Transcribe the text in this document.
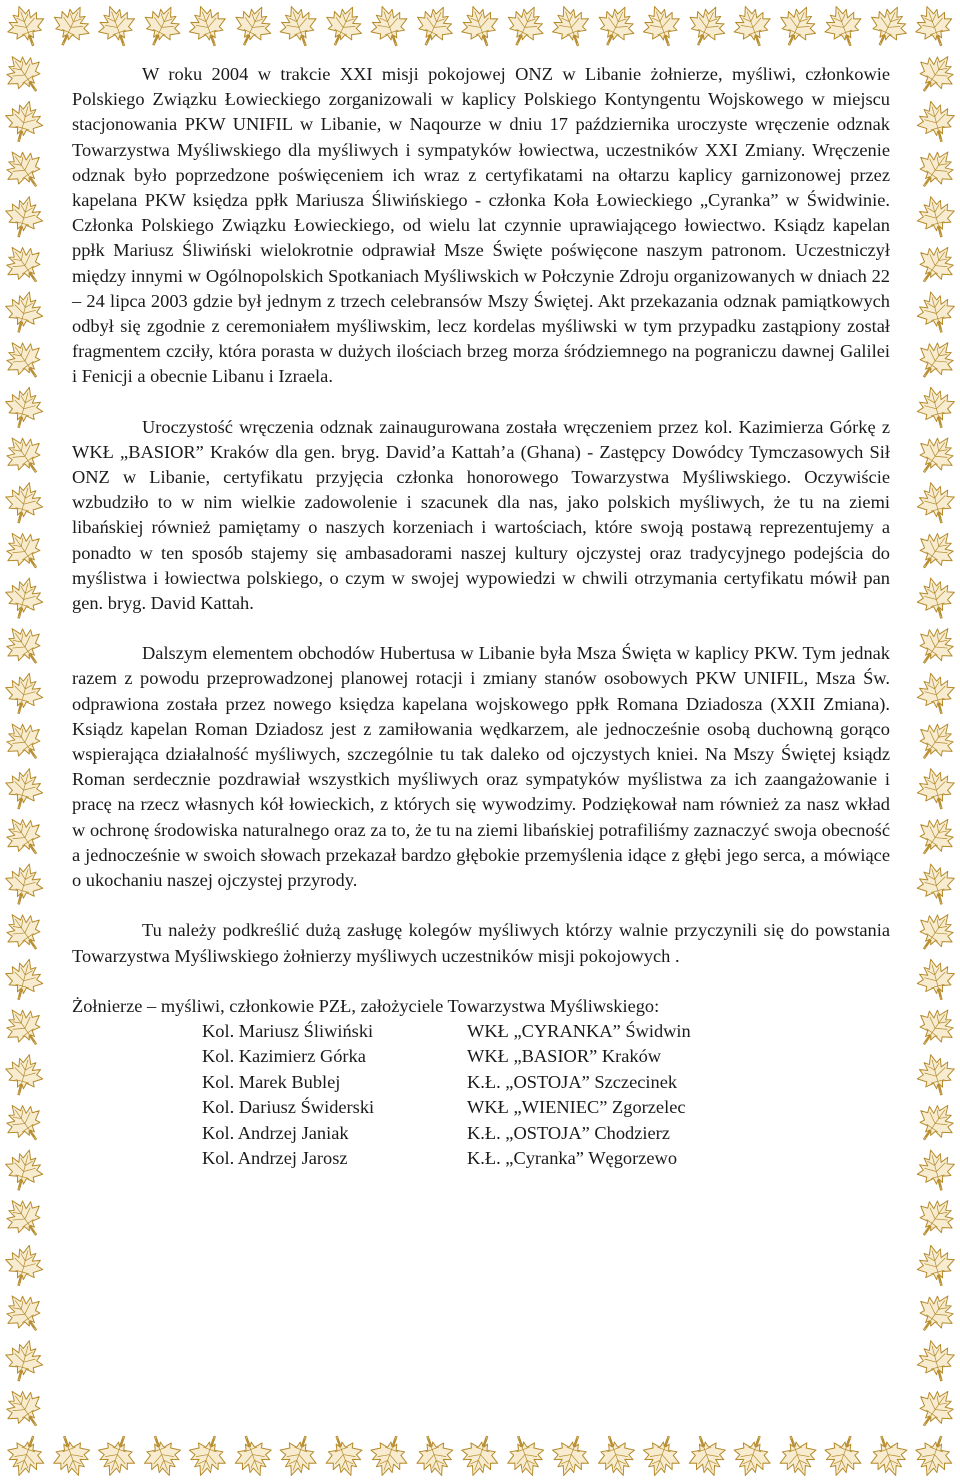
W roku 2004 w trakcie XXI misji pokojowej ONZ w Libanie żołnierze, myśliwi, członkowie Polskiego Związku Łowieckiego zorganizowali w kaplicy Polskiego Kontyngentu Wojskowego w miejscu stacjonowania PKW UNIFIL w Libanie, w Naqourze w dniu 17 października uroczyste wręczenie odznak Towarzystwa Myśliwskiego dla myśliwych i sympatyków łowiectwa, uczestników XXI Zmiany. Wręczenie odznak było poprzedzone poświęceniem ich wraz z certyfikatami na ołtarzu kaplicy garnizonowej przez kapelana PKW księdza ppłk Mariusza Śliwińskiego - członka Koła Łowieckiego „Cyranka” w Świdwinie. Członka Polskiego Związku Łowieckiego, od wielu lat czynnie uprawiającego łowiectwo. Ksiądz kapelan ppłk Mariusz Śliwiński wielokrotnie odprawiał Msze Święte poświęcone naszym patronom. Uczestniczył między innymi w Ogólnopolskich Spotkaniach Myśliwskich w Połczynie Zdroju organizowanych w dniach 22 – 24 lipca 2003 gdzie był jednym z trzech celebransów Mszy Świętej. Akt przekazania odznak pamiątkowych odbył się zgodnie z ceremoniałem myśliwskim, lecz kordelas myśliwski w tym przypadku zastąpiony został fragmentem czciły, która porasta w dużych ilościach brzeg morza śródziemnego na pograniczu dawnej Galilei i Fenicji a obecnie Libanu i Izraela.

Uroczystość wręczenia odznak zainaugurowana została wręczeniem przez kol. Kazimierza Górkę z WKŁ „BASIOR” Kraków dla gen. bryg. David’a Kattah’a (Ghana) - Zastępcy Dowódcy Tymczasowych Sił ONZ w Libanie, certyfikatu przyjęcia członka honorowego Towarzystwa Myśliwskiego. Oczywiście wzbudziło to w nim wielkie zadowolenie i szacunek dla nas, jako polskich myśliwych, że tu na ziemi libańskiej również pamiętamy o naszych korzeniach i wartościach, które swoją postawą reprezentujemy a ponadto w ten sposób stajemy się ambasadorami naszej kultury ojczystej oraz tradycyjnego podejścia do myślistwa i łowiectwa polskiego, o czym w swojej wypowiedzi w chwili otrzymania certyfikatu mówił pan gen. bryg. David Kattah.

Dalszym elementem obchodów Hubertusa w Libanie była Msza Święta w kaplicy PKW. Tym jednak razem z powodu przeprowadzonej planowej rotacji i zmiany stanów osobowych PKW UNIFIL, Msza Św. odprawiona została przez nowego księdza kapelana wojskowego ppłk Romana Dziadosza (XXII Zmiana). Ksiądz kapelan Roman Dziadosz jest z zamiłowania wędkarzem, ale jednocześnie osobą duchowną gorąco wspierająca działalność myśliwych, szczególnie tu tak daleko od ojczystych kniei. Na Mszy Świętej ksiądz Roman serdecznie pozdrawiał wszystkich myśliwych oraz sympatyków myślistwa za ich zaangażowanie i pracę na rzecz własnych kół łowieckich, z których się wywodzimy. Podziękował nam również za nasz wkład w ochronę środowiska naturalnego oraz za to, że tu na ziemi libańskiej potrafiliśmy zaznaczyć swoja obecność a jednocześnie w swoich słowach przekazał bardzo głębokie przemyślenia idące z głębi jego serca, a mówiące o ukochaniu naszej ojczystej przyrody.

Tu należy podkreślić dużą zasługę kolegów myśliwych którzy walnie przyczynili się do powstania Towarzystwa Myśliwskiego żołnierzy myśliwych uczestników misji pokojowych .

Żołnierze – myśliwi, członkowie PZŁ, założyciele Towarzystwa Myśliwskiego:
Kol. Mariusz Śliwiński	WKŁ „CYRANKA” Świdwin
Kol. Kazimierz Górka	WKŁ „BASIOR” Kraków
Kol. Marek Bublej	K.Ł. „OSTOJA” Szczecinek
Kol. Dariusz Świderski	WKŁ „WIENIEC” Zgorzelec
Kol. Andrzej Janiak	K.Ł. „OSTOJA” Chodzierz
Kol. Andrzej Jarosz	K.Ł. „Cyranka” Węgorzewo
